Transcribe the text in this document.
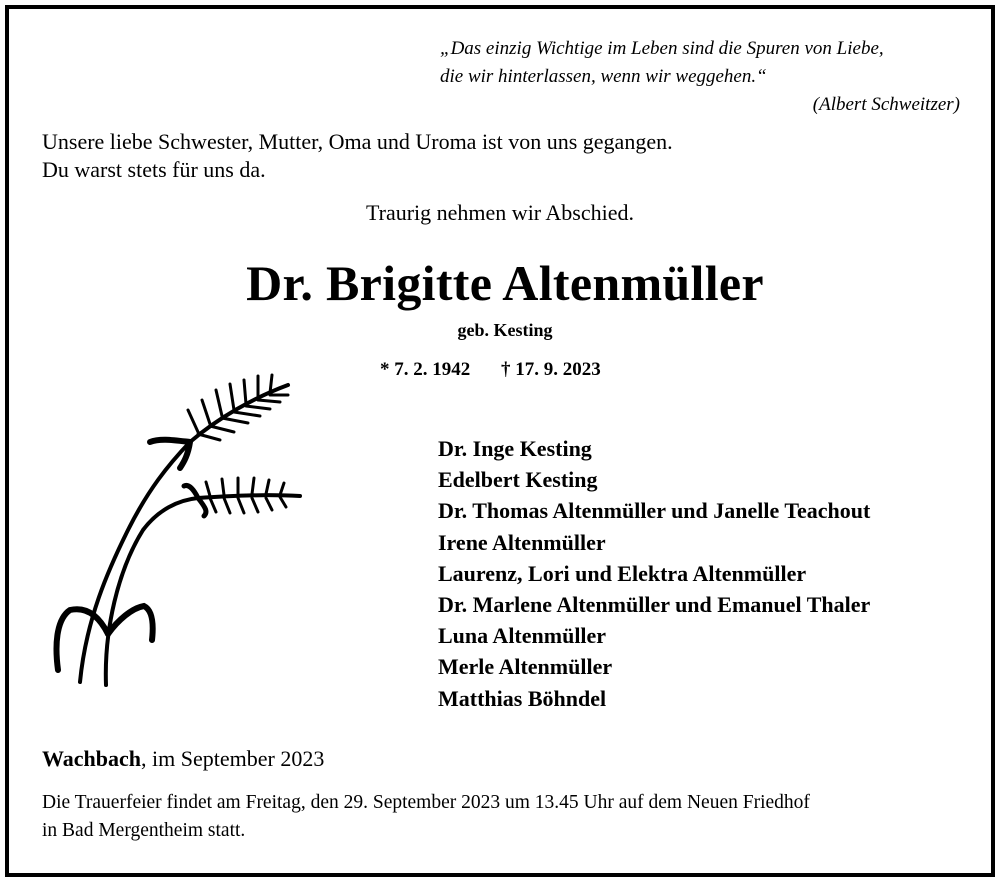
„Das einzig Wichtige im Leben sind die Spuren von Liebe,
die wir hinterlassen, wenn wir weggehen.“
(Albert Schweitzer)
Unsere liebe Schwester, Mutter, Oma und Uroma ist von uns gegangen.
Du warst stets für uns da.
Traurig nehmen wir Abschied.
Dr. Brigitte Altenmüller
geb. Kesting
* 7. 2. 1942 † 17. 9. 2023
Dr. Inge Kesting
Edelbert Kesting
Dr. Thomas Altenmüller und Janelle Teachout
Irene Altenmüller
Laurenz, Lori und Elektra Altenmüller
Dr. Marlene Altenmüller und Emanuel Thaler
Luna Altenmüller
Merle Altenmüller
Matthias Böhndel
Wachbach, im September 2023
Die Trauerfeier findet am Freitag, den 29. September 2023 um 13.45 Uhr auf dem Neuen Friedhof
in Bad Mergentheim statt.
